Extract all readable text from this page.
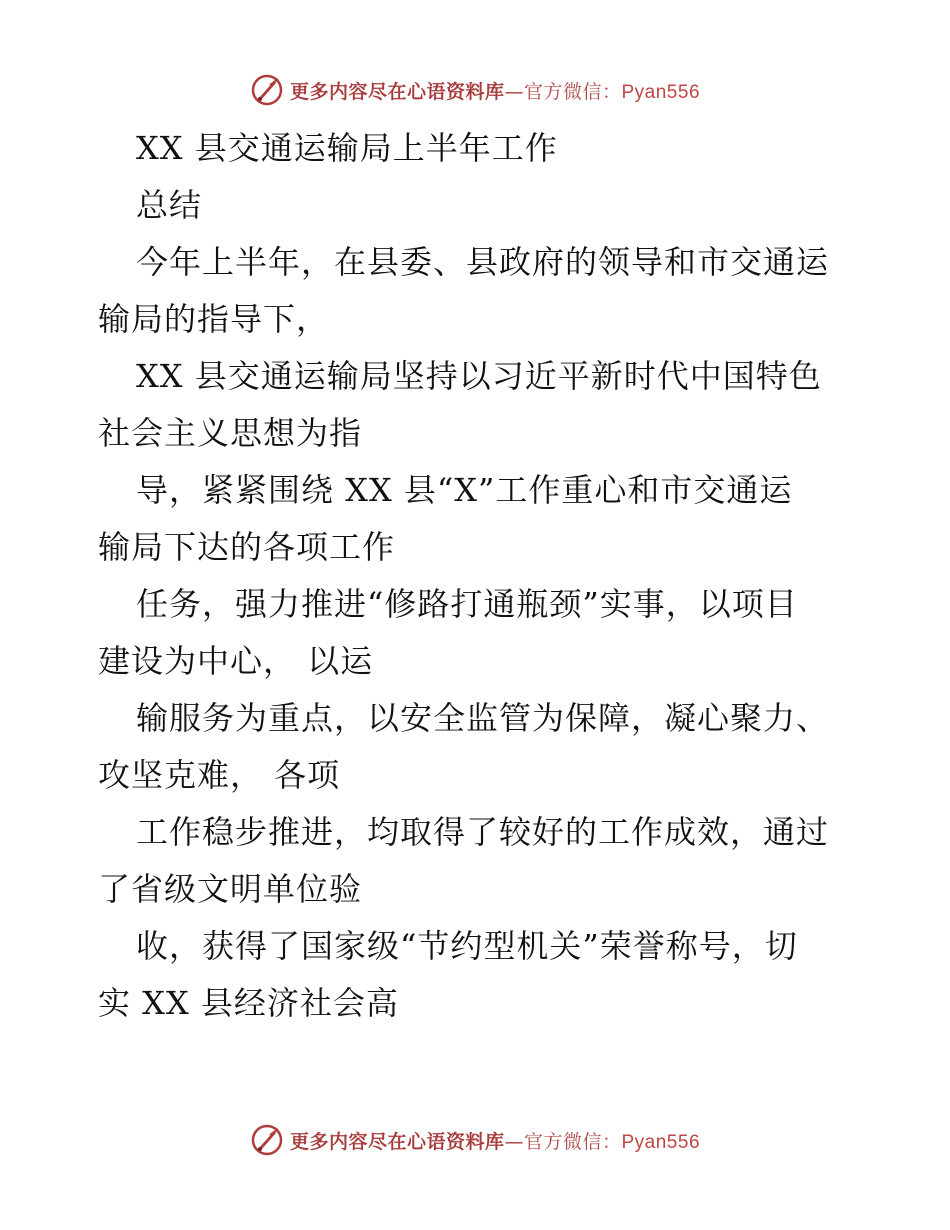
更多内容尽在心语资料库—官方微信：Pyan556
XX 县交通运输局上半年工作
总结
今年上半年，在县委、县政府的领导和市交通运
输局的指导下，
XX 县交通运输局坚持以习近平新时代中国特色
社会主义思想为指
导，紧紧围绕 XX 县“X”工作重心和市交通运
输局下达的各项工作
任务，强力推进“修路打通瓶颈”实事，以项目
建设为中心， 以运
输服务为重点，以安全监管为保障，凝心聚力、
攻坚克难， 各项
工作稳步推进，均取得了较好的工作成效，通过
了省级文明单位验
收，获得了国家级“节约型机关”荣誉称号，切
实 XX 县经济社会高
更多内容尽在心语资料库—官方微信：Pyan556
